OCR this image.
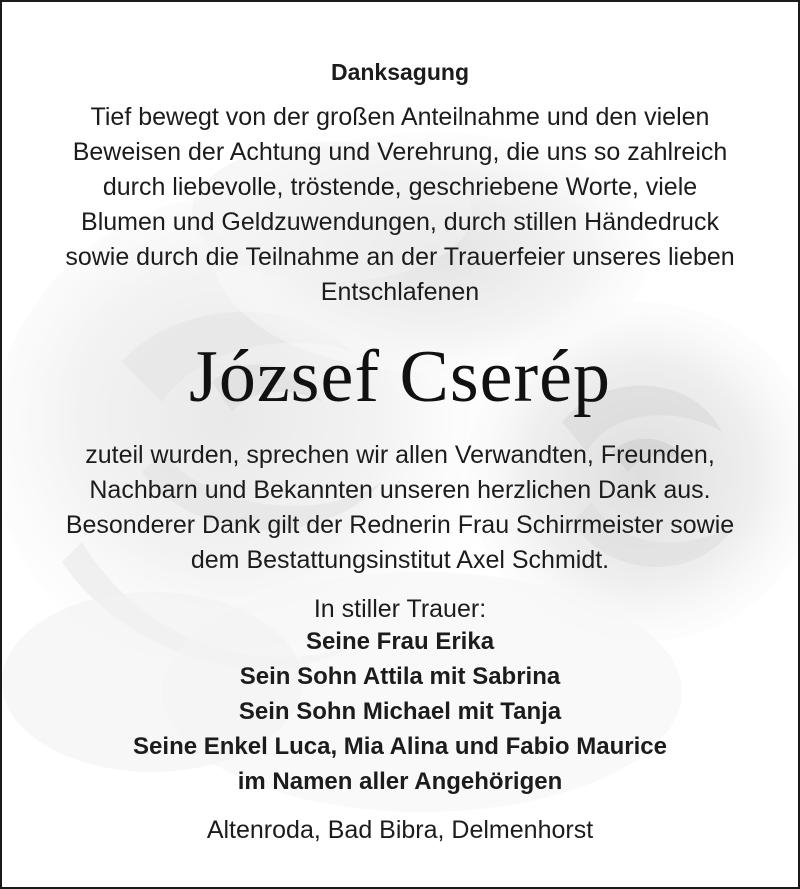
Danksagung
Tief bewegt von der großen Anteilnahme und den vielen
Beweisen der Achtung und Verehrung, die uns so zahlreich
durch liebevolle, tröstende, geschriebene Worte, viele
Blumen und Geldzuwendungen, durch stillen Händedruck
sowie durch die Teilnahme an der Trauerfeier unseres lieben
Entschlafenen
József Cserép
zuteil wurden, sprechen wir allen Verwandten, Freunden,
Nachbarn und Bekannten unseren herzlichen Dank aus.
Besonderer Dank gilt der Rednerin Frau Schirrmeister sowie
dem Bestattungsinstitut Axel Schmidt.
In stiller Trauer:
Seine Frau Erika
Sein Sohn Attila mit Sabrina
Sein Sohn Michael mit Tanja
Seine Enkel Luca, Mia Alina und Fabio Maurice
im Namen aller Angehörigen
Altenroda, Bad Bibra, Delmenhorst
